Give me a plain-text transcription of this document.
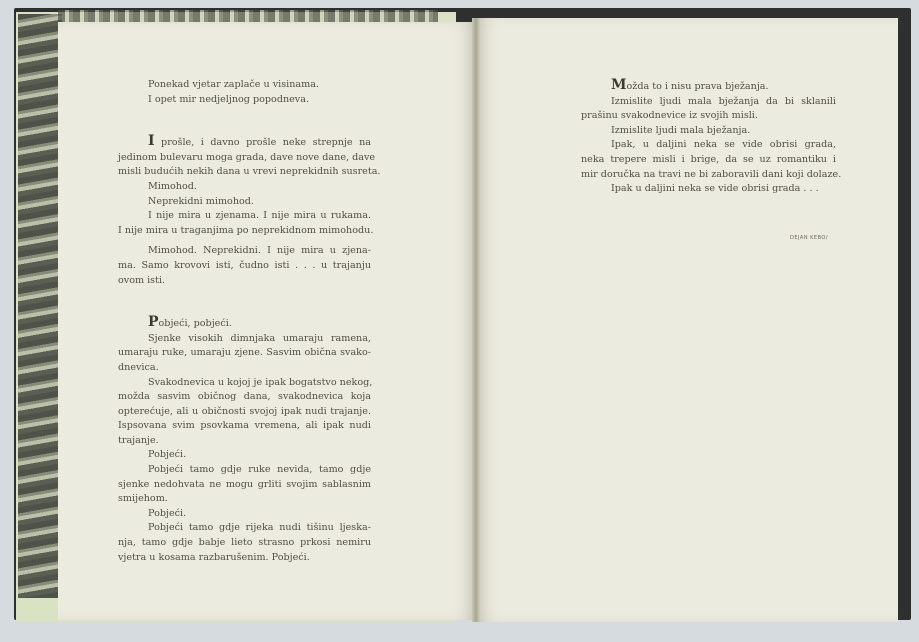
Ponekad vjetar zaplače u visinama.
I opet mir nedjeljnog popodneva.
I prošle, i davno prošle neke strepnje na
jedinom bulevaru moga grada, dave nove dane, dave
misli budućih nekih dana u vrevi neprekidnih susreta.
Mimohod.
Neprekidni mimohod.
I nije mira u zjenama. I nije mira u rukama.
I nije mira u traganjima po neprekidnom mimohodu.
Mimohod. Neprekidni. I nije mira u zjena-
ma. Samo krovovi isti, čudno isti . . . u trajanju
ovom isti.
Pobjeći, pobjeći.
Sjenke visokih dimnjaka umaraju ramena,
umaraju ruke, umaraju zjene. Sasvim obična svako-
dnevica.
Svakodnevica u kojoj je ipak bogatstvo nekog,
možda sasvim običnog dana, svakodnevica koja
opterećuje, ali u običnosti svojoj ipak nudi trajanje.
Ispsovana svim psovkama vremena, ali ipak nudi
trajanje.
Pobjeći.
Pobjeći tamo gdje ruke nevida, tamo gdje
sjenke nedohvata ne mogu grliti svojim sablasnim
smijehom.
Pobjeći.
Pobjeći tamo gdje rijeka nudi tišinu ljeska-
nja, tamo gdje babje lieto strasno prkosi nemiru
vjetra u kosama razbarušenim. Pobjeći.
Možda to i nisu prava bježanja.
Izmislite ljudi mala bježanja da bi sklanili
prašinu svakodnevice iz svojih misli.
Izmislite ljudi mala bježanja.
Ipak, u daljini neka se vide obrisi grada,
neka trepere misli i brige, da se uz romantiku i
mir doručka na travi ne bi zaboravili dani koji dolaze.
Ipak u daljini neka se vide obrisi grada . . .
DEJAN KEBO/
